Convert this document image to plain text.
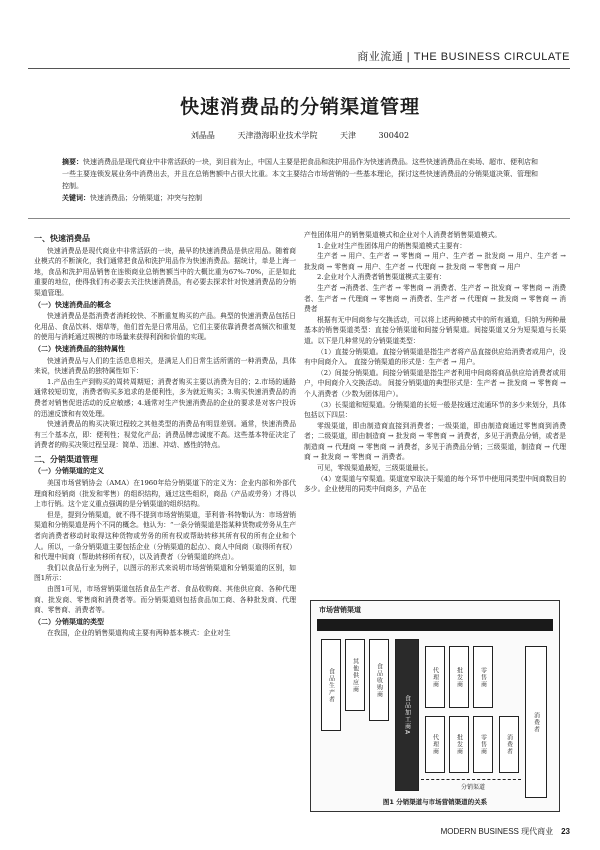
商业流通 | THE BUSINESS CIRCULATE
快速消费品的分销渠道管理
刘晶晶	天津渤海职业技术学院	天津	300402
摘要：快速消费品是现代商业中非常活跃的一块，到目前为止，中国人主要是把食品和洗护用品作为快速消费品。这些快速消费品在卖场、超市、便利店和一些主要连锁发展业务中消费出去，并且在总销售额中占很大比重。本文主要结合市场营销的一些基本理论，探讨这些快速消费品的分销渠道决策、管理和控制。
关键词：快速消费品；分销渠道；冲突与控制
一、快速消费品

快速消费品是现代商业中非常活跃的一块，最早的快速消费品是供应用品。随着商业模式的不断演化，我们通常把食品和洗护用品作为快速消费品。据统计，单是上海一地，食品和洗护用品销售在连锁商业总销售额当中的大概比重为67%-70%，正是如此重要的地位，使得我们有必要去关注快速消费品，有必要去探求针对快速消费品的分销渠道管理。

（一）快速消费品的概念

快速消费品是指消费者消耗较快、不断重复购买的产品。典型的快速消费品包括日化用品、食品饮料、烟草等，他们首先是日常用品，它们主要依靠消费者高频次和重复的使用与消耗通过规模的市场量来获得利润和价值的实现。

（二）快速消费品的独特属性

快速消费品与人们的生活息息相关，是满足人们日常生活所需的一种消费品，具体来说，快速消费品的独特属性如下：

1.产品由生产到购买的周转周期短；消费者购买主要以消费为目的；2.市场的通路通常较短切宽，消费者购买多追求的是便利性，多为就近购买；3.购买快速消费品的消费者对销售促进活动的反应敏感；4.通常对生产快速消费品的企业的要求是对客户投诉的迅速反馈和有效处理。

快速消费品的购买决策过程较之其他类型的消费品有明显差别。通常，快速消费品有三个基本点，即：便利性；视觉化产品；消费品牌忠诚度不高。这些基本特征决定了消费者的购买决策过程呈现：简单、迅速、冲动、感性的特点。

二、分销渠道管理
（一）分销渠道的定义

美国市场营销协会（AMA）在1960年给分销渠道下的定义为：企业内部和外部代理商和经销商（批发和零售）的组织结构，通过这些组织，商品（产品或劳务）才得以上市行销。这个定义重点强调的是分销渠道的组织结构。

但是，提到分销渠道，就不得不提到市场营销渠道，菲利普·科特勒认为：市场营销渠道和分销渠道是两个不同的概念。他认为：“一条分销渠道是指某种货物或劳务从生产者向消费者移动时取得这种货物或劳务的所有权或帮助转移其所有权的所有企业和个人。所以，一条分销渠道主要包括企业（分销渠道的起点）、商人中间商（取得所有权）和代理中间商（帮助转移所有权），以及消费者（分销渠道的终点）。

我们以食品行业为例子，以图示的形式来说明市场营销渠道和分销渠道的区别，如图1所示：

由图1可见，市场营销渠道包括食品生产者、食品收购商、其他供应商、各种代理商、批发商、零售商和消费者等。而分销渠道则包括食品加工商、各种批发商、代理商、零售商、消费者等。

（二）分销渠道的类型

在我国，企业的销售渠道构成主要有两种基本模式：企业对生

产性团体用户的销售渠道模式和企业对个人消费者销售渠道模式。

1.企业对生产性团体用户的销售渠道模式主要有：

生产者 → 用户、生产者 → 零售商 → 用户、生产者 → 批发商 → 用户、生产者 → 批发商 → 零售商 → 用户、生产者 → 代理商 → 批发商 → 零售商 → 用户

2.企业对个人消费者销售渠道模式主要有：

生产者 →消费者、生产者 → 零售商 → 消费者、生产者 → 批发商 → 零售商 → 消费者、生产者 → 代理商 → 零售商 → 消费者、生产者 → 代理商 → 批发商 → 零售商 → 消费者

根据有无中间商参与交换活动，可以将上述两种模式中的所有通道，归纳为两种最基本的销售渠道类型：直接分销渠道和间接分销渠道。间接渠道又分为短渠道与长渠道。以下是几种常见的分销渠道类型：

（1）直接分销渠道。直接分销渠道是指生产者将产品直接供应给消费者或用户，没有中间商介入。 直接分销渠道的形式是：生产者 → 用户。

（2）间接分销渠道。间接分销渠道是指生产者利用中间商将商品供应给消费者或用户，中间商介入交换活动。 间接分销渠道的典型形式是：生产者 → 批发商 → 零售商 → 个人消费者（少数为团体用户）。

（3）长渠道和短渠道。分销渠道的长短一般是按通过流通环节的多少来划分，具体包括以下四层：

零级渠道，即由制造商直接到消费者；一级渠道，即由制造商通过零售商到消费者；二级渠道，即由制造商 → 批发商 → 零售商 → 消费者，多见于消费品分销，或者是制造商 → 代理商 → 零售商 → 消费者，多见于消费品分销；三级渠道，制造商 → 代理商 → 批发商 → 零售商 → 消费者。

可见，零级渠道最短，三级渠道最长。

（4）宽渠道与窄渠道。渠道宽窄取决于渠道的每个环节中使用同类型中间商数目的多少。企业使用的同类中间商多，产品在

市场营销渠道
食品生产者	其他供应商	食品收购商
食品加工商A
代理商	批发商	零售商
消费者
代理商	批发商	零售商	消费者
分销渠道
图1 分销渠道与市场营销渠道的关系
MODERN BUSINESS 现代商业 23
